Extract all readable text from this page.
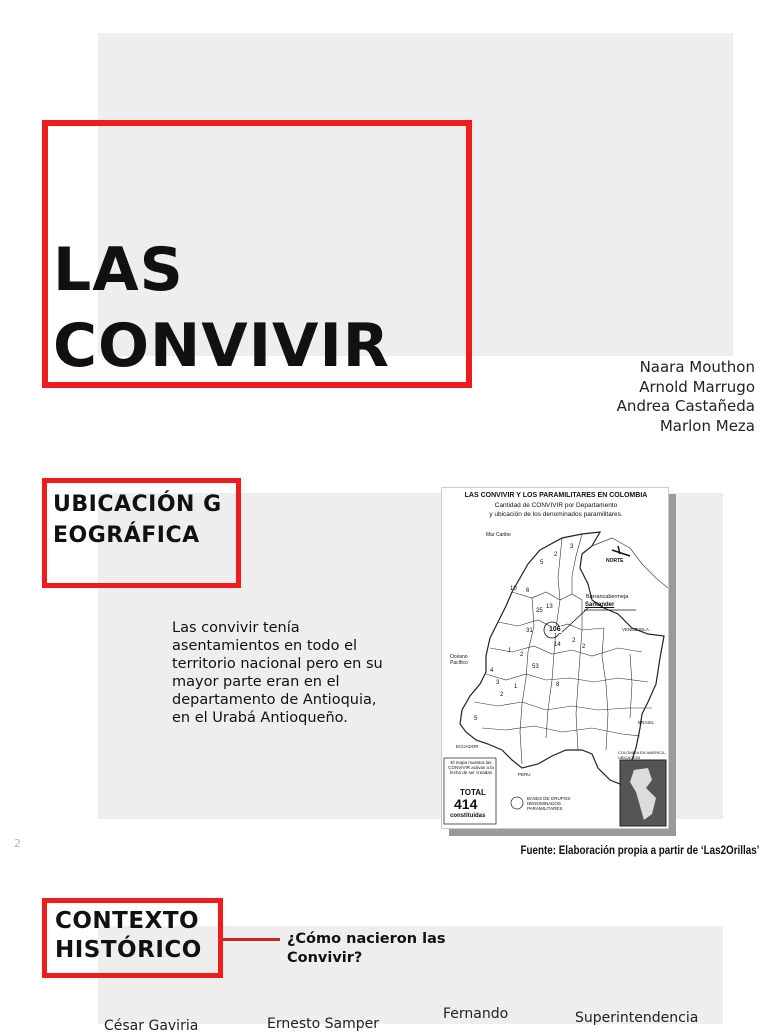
LAS
CONVIVIR	Naara Mouthon
Arnold Marrugo
Andrea Castañeda
Marlon Meza
UBICACIÓN GEOGRÁFICA
Las convivir tenía asentamientos en todo el territorio nacional pero en su mayor parte eran en el departamento de Antioquia, en el Urabá Antioqueño.
2
LAS CONVIVIR Y LOS PARAMILITARES EN COLOMBIA
Cantidad de CONVIVIR por Departamento
y ubicación de los denominados paramilitares.
Mar Caribe
NORTE
Barrancabermeja
Santander
VENEZUELA
Océano Pacífico
ECUADOR
PERU
BRASIL
COLOMBIA EN AMERICA UBICACION
El mapa muestra las CONVIVIR activas a la fecha de ser creadas
TOTAL
414
constituidas
BASES DE GRUPOS DENOMINADOS PARAMILITARES
3
2
5
10 6
25
13
106
31
14	2
1
2
4
8
53
3
5
2
1
2
Fuente: Elaboración propia a partir de ‘Las2Orillas’
CONTEXTO
HISTÓRICO	¿Cómo nacieron las Convivir?
César Gaviria	Ernesto Samper
Fernando	Superintendencia
